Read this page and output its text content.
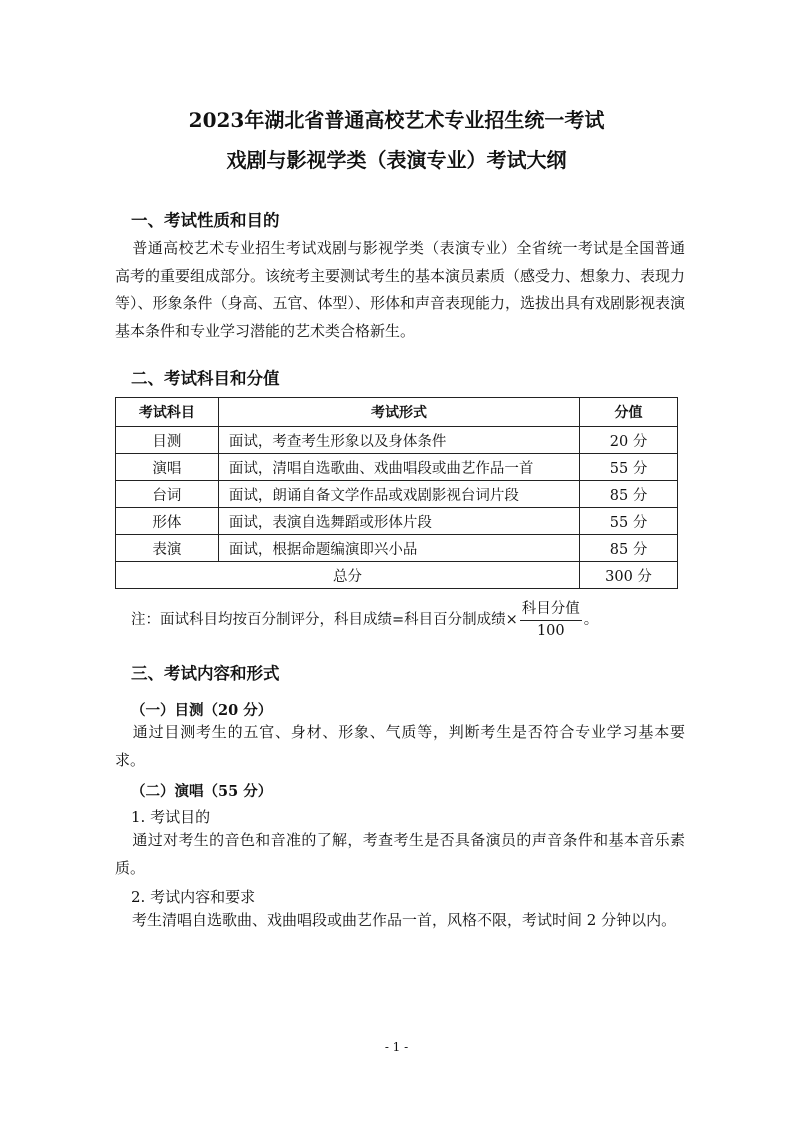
2023年湖北省普通高校艺术专业招生统一考试
戏剧与影视学类（表演专业）考试大纲
一、考试性质和目的
普通高校艺术专业招生考试戏剧与影视学类（表演专业）全省统一考试是全国普通高考的重要组成部分。该统考主要测试考生的基本演员素质（感受力、想象力、表现力等）、形象条件（身高、五官、体型）、形体和声音表现能力，选拔出具有戏剧影视表演基本条件和专业学习潜能的艺术类合格新生。
二、考试科目和分值
考试科目	考试形式	分值
目测	面试，考查考生形象以及身体条件	20 分
演唱	面试，清唱自选歌曲、戏曲唱段或曲艺作品一首	55 分
台词	面试，朗诵自备文学作品或戏剧影视台词片段	85 分
形体	面试，表演自选舞蹈或形体片段	55 分
表演	面试，根据命题编演即兴小品	85 分
总分		300 分
注：面试科目均按百分制评分，科目成绩=科目百分制成绩× $\frac{\text{科目分值}}{100}$ 。
三、考试内容和形式
（一）目测（20 分）
通过目测考生的五官、身材、形象、气质等，判断考生是否符合专业学习基本要求。
（二）演唱（55 分）
1. 考试目的
通过对考生的音色和音准的了解，考查考生是否具备演员的声音条件和基本音乐素质。
2. 考试内容和要求
考生清唱自选歌曲、戏曲唱段或曲艺作品一首，风格不限，考试时间 2 分钟以内。
- 1 -
